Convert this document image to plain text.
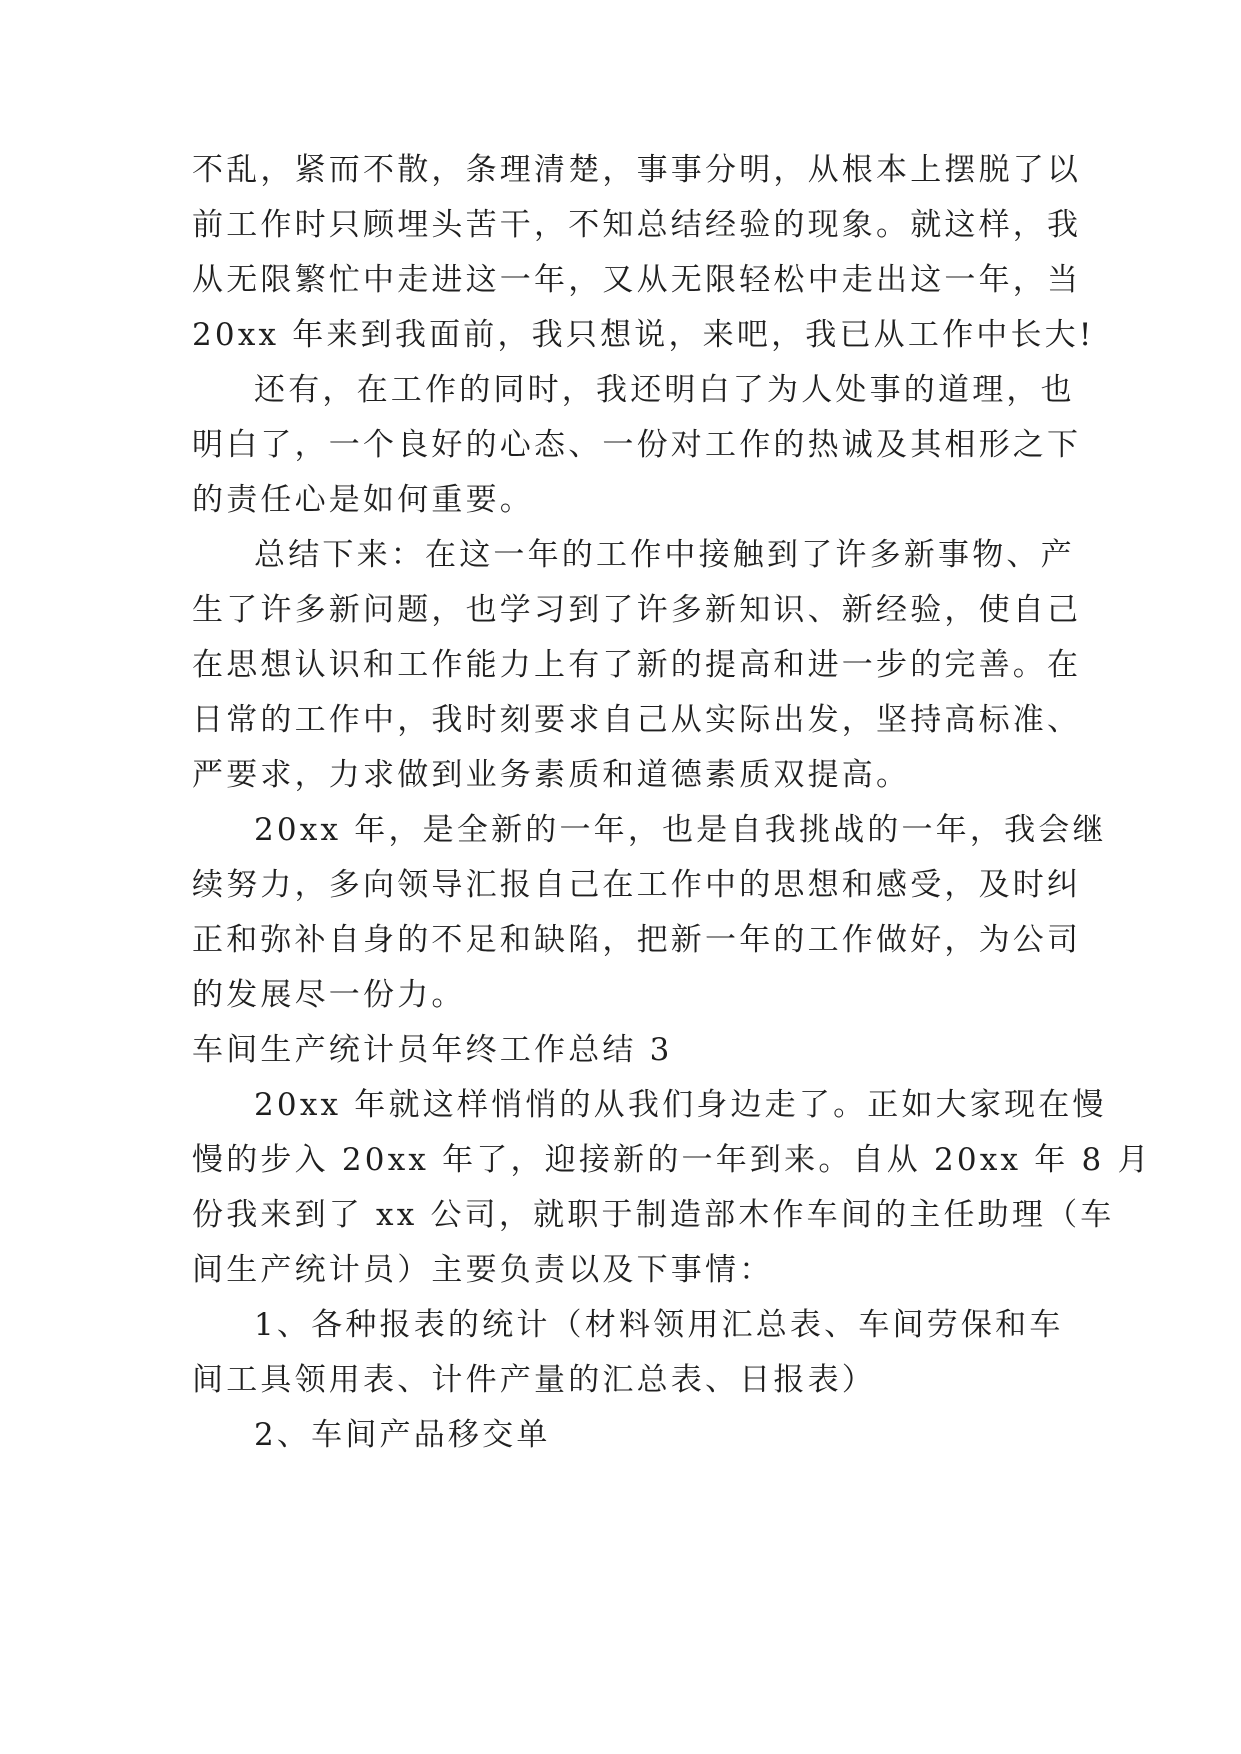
不乱，紧而不散，条理清楚，事事分明，从根本上摆脱了以

前工作时只顾埋头苦干，不知总结经验的现象。就这样，我

从无限繁忙中走进这一年，又从无限轻松中走出这一年，当

20xx 年来到我面前，我只想说，来吧，我已从工作中长大!

还有，在工作的同时，我还明白了为人处事的道理，也

明白了，一个良好的心态、一份对工作的热诚及其相形之下

的责任心是如何重要。

总结下来：在这一年的工作中接触到了许多新事物、产

生了许多新问题，也学习到了许多新知识、新经验，使自己

在思想认识和工作能力上有了新的提高和进一步的完善。在

日常的工作中，我时刻要求自己从实际出发，坚持高标准、

严要求，力求做到业务素质和道德素质双提高。

20xx 年，是全新的一年，也是自我挑战的一年，我会继

续努力，多向领导汇报自己在工作中的思想和感受，及时纠

正和弥补自身的不足和缺陷，把新一年的工作做好，为公司

的发展尽一份力。

车间生产统计员年终工作总结 3

20xx 年就这样悄悄的从我们身边走了。正如大家现在慢

慢的步入 20xx 年了，迎接新的一年到来。自从 20xx 年 8 月

份我来到了 xx 公司，就职于制造部木作车间的主任助理（车

间生产统计员）主要负责以及下事情：

1、各种报表的统计（材料领用汇总表、车间劳保和车

间工具领用表、计件产量的汇总表、日报表）

2、车间产品移交单
